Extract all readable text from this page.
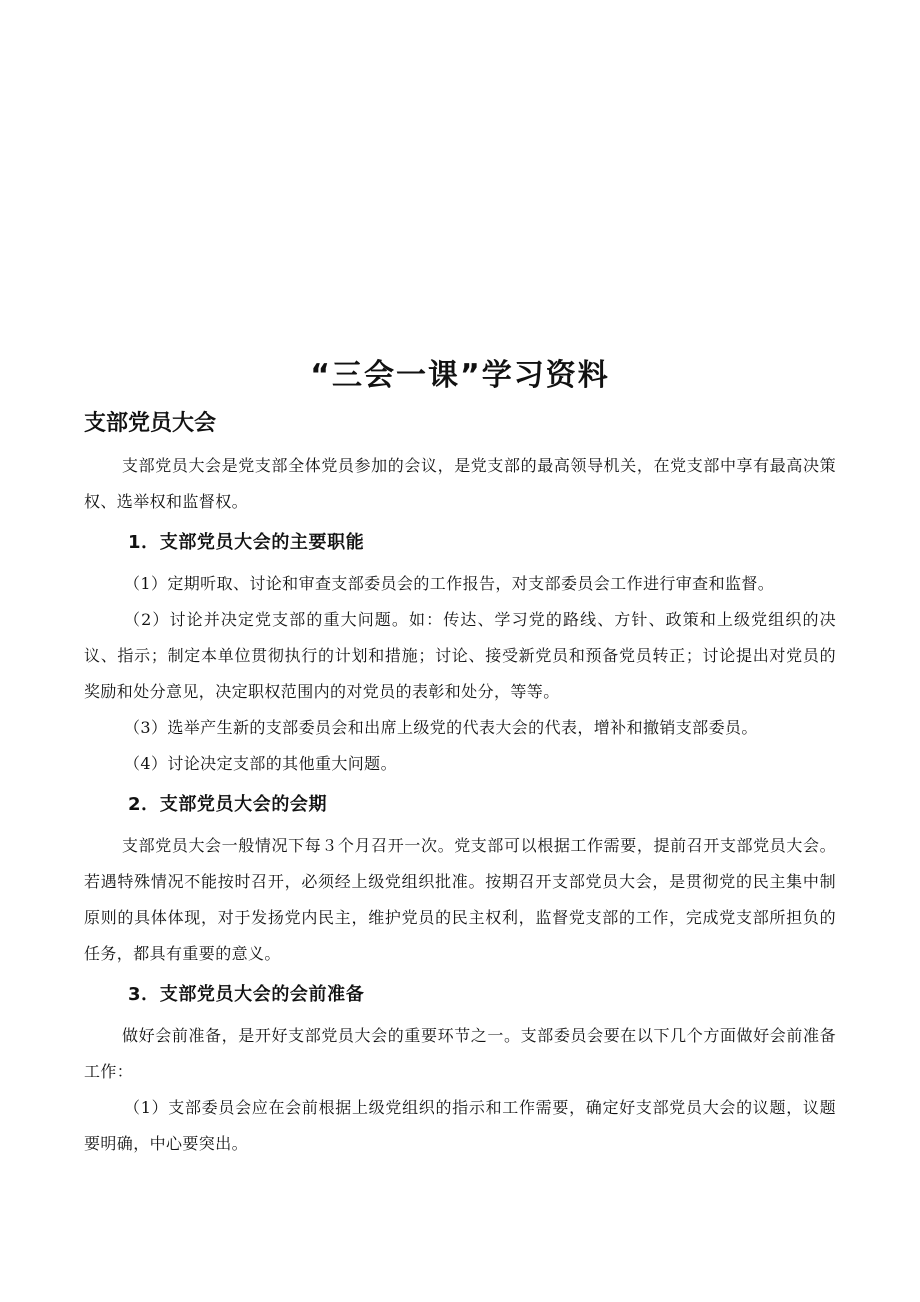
“三会一课”学习资料
支部党员大会

支部党员大会是党支部全体党员参加的会议，是党支部的最高领导机关，在党支部中享有最高决策权、选举权和监督权。

1．支部党员大会的主要职能

（1）定期听取、讨论和审查支部委员会的工作报告，对支部委员会工作进行审查和监督。

（2）讨论并决定党支部的重大问题。如：传达、学习党的路线、方针、政策和上级党组织的决议、指示；制定本单位贯彻执行的计划和措施；讨论、接受新党员和预备党员转正；讨论提出对党员的奖励和处分意见，决定职权范围内的对党员的表彰和处分，等等。

（3）选举产生新的支部委员会和出席上级党的代表大会的代表，增补和撤销支部委员。

（4）讨论决定支部的其他重大问题。

2．支部党员大会的会期

支部党员大会一般情况下每３个月召开一次。党支部可以根据工作需要，提前召开支部党员大会。若遇特殊情况不能按时召开，必须经上级党组织批准。按期召开支部党员大会，是贯彻党的民主集中制原则的具体体现，对于发扬党内民主，维护党员的民主权利，监督党支部的工作，完成党支部所担负的任务，都具有重要的意义。

3．支部党员大会的会前准备

做好会前准备，是开好支部党员大会的重要环节之一。支部委员会要在以下几个方面做好会前准备工作：

（1）支部委员会应在会前根据上级党组织的指示和工作需要，确定好支部党员大会的议题，议题要明确，中心要突出。
